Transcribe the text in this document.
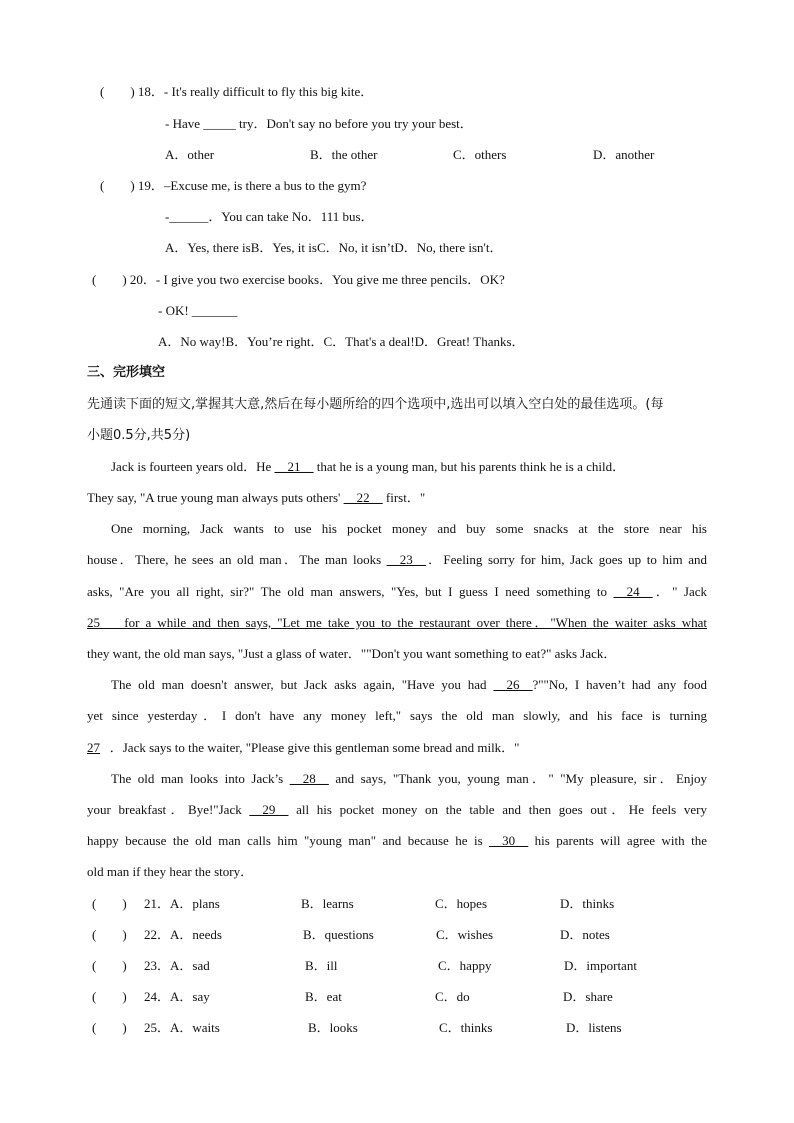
(　　) 18．- It's really difficult to fly this big kite．
- Have _____ try．Don't say no before you try your best．
A．other	B．the other	C．others	D．another
(　　) 19．–Excuse me, is there a bus to the gym?
-______．You can take No．111 bus．
A．Yes, there isB．Yes, it isC．No, it isn’tD．No, there isn't．
(　　) 20．- I give you two exercise books．You give me three pencils．OK?
- OK! _______
A．No way!B．You’re right．C．That's a deal!D．Great! Thanks．
三、完形填空
先通读下面的短文,掌握其大意,然后在每小题所给的四个选项中,选出可以填入空白处的最佳选项。(每
小题0.5分,共5分)
Jack is fourteen years old．He __21__ that he is a young man, but his parents think he is a child．
They say, "A true young man always puts others' __22__ first．"
One morning, Jack wants to use his pocket money and buy some snacks at the store near his
house．There, he sees an old man．The man looks __23__．Feeling sorry for him, Jack goes up to him and
asks, "Are you all right, sir?" The old man answers, "Yes, but I guess I need something to __24__．" Jack
25    for a while and then says, "Let me take you to the restaurant over there．"When the waiter asks what
they want, the old man says, "Just a glass of water．""Don't you want something to eat?" asks Jack．
The old man doesn't answer, but Jack asks again, "Have you had __26__?""No, I haven’t had any food
yet since yesterday．I don't have any money left," says the old man slowly, and his face is turning
27   ．Jack says to the waiter, "Please give this gentleman some bread and milk．"
The old man looks into Jack’s __28__ and says, "Thank you, young man．" "My pleasure, sir．Enjoy
your breakfast．Bye!"Jack __29__ all his pocket money on the table and then goes out．He feels very
happy because the old man calls him "young man" and because he is __30__ his parents will agree with the
old man if they hear the story．
(　　) 21．A．plans	B．learns	C．hopes	D．thinks
(　　) 22．A．needs	B．questions	C．wishes	D．notes
(　　) 23．A．sad	B．ill	C．happy	D．important
(　　) 24．A．say	B．eat	C．do	D．share
(　　) 25．A．waits	B．looks	C．thinks	D．listens
